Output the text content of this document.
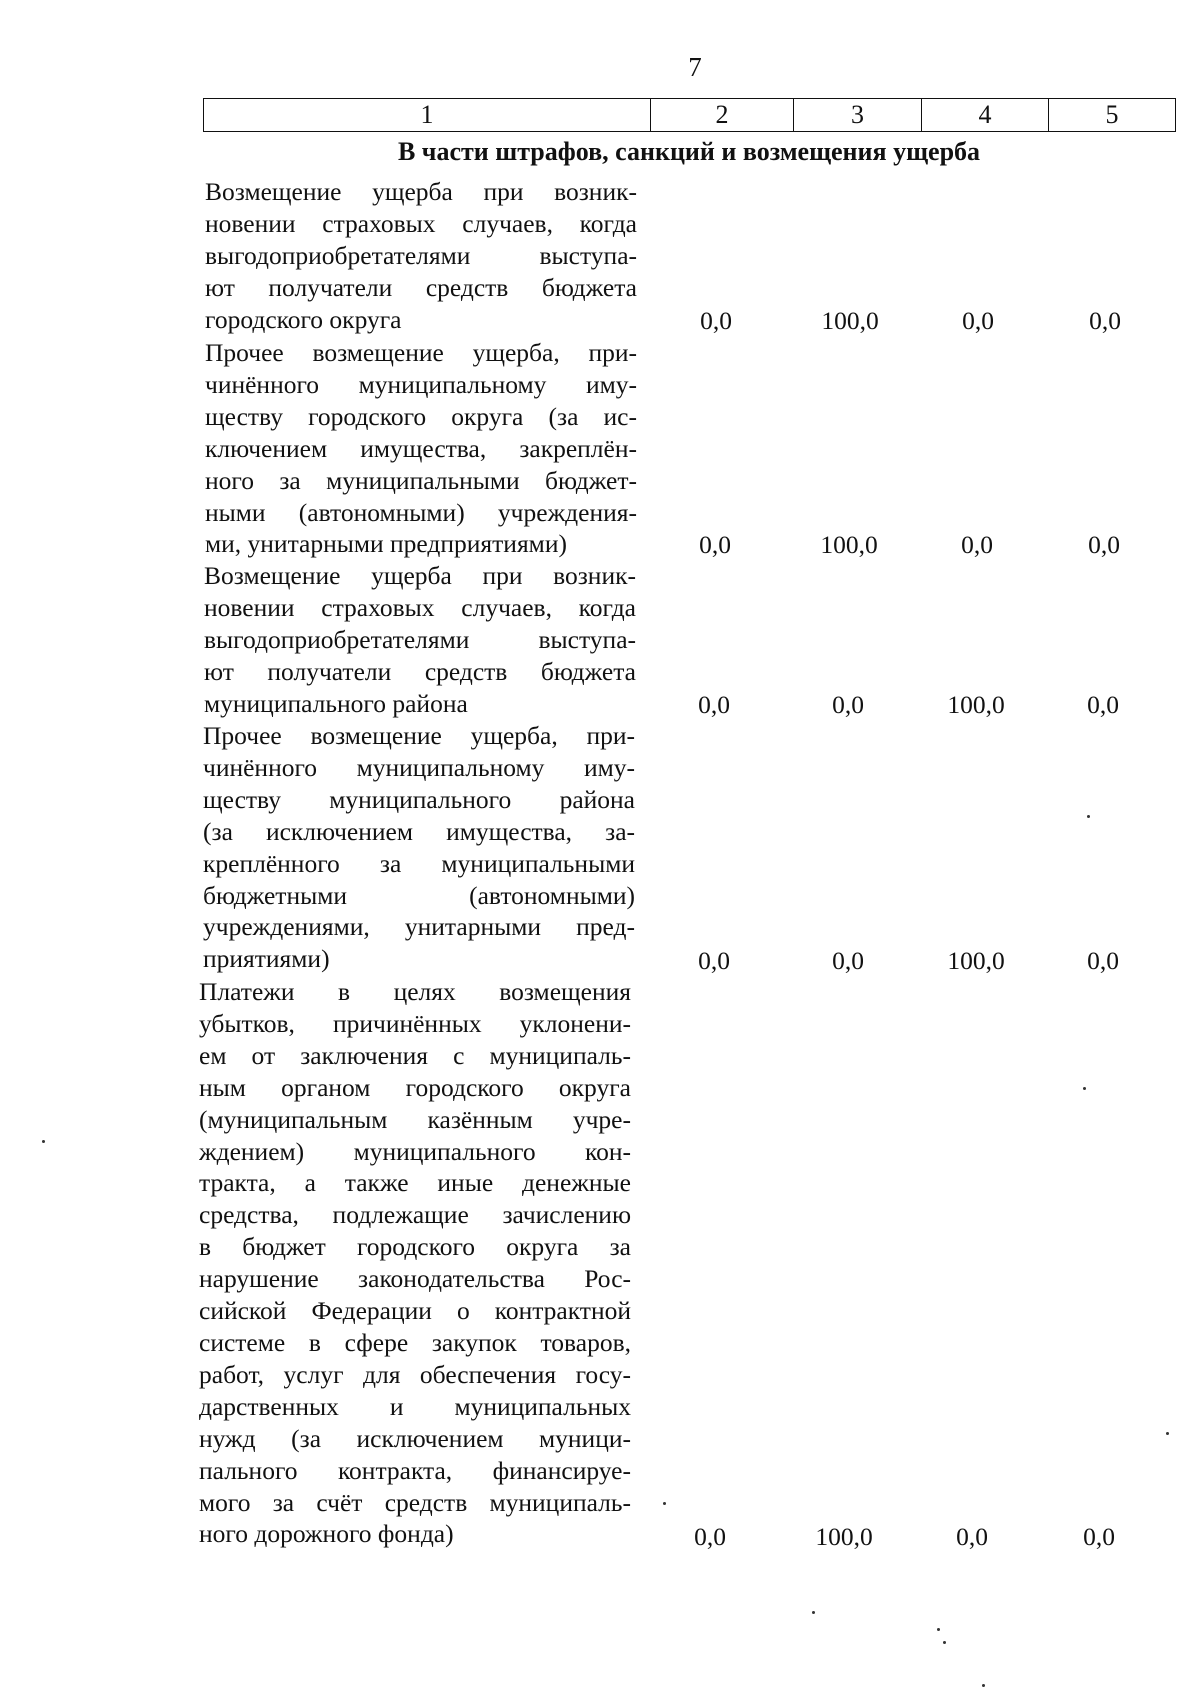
7
1	2	3	4	5
В части штрафов, санкций и возмещения ущерба
Возмещение ущерба при возник-
новении страховых случаев, когда
выгодоприобретателями выступа-
ют получатели средств бюджета
городского округа	0,0	100,0	0,0	0,0
Прочее возмещение ущерба, при-
чинённого муниципальному иму-
ществу городского округа (за ис-
ключением имущества, закреплён-
ного за муниципальными бюджет-
ными (автономными) учреждения-
ми, унитарными предприятиями)	0,0	100,0	0,0	0,0
Возмещение ущерба при возник-
новении страховых случаев, когда
выгодоприобретателями выступа-
ют получатели средств бюджета
муниципального района	0,0	0,0	100,0	0,0
Прочее возмещение ущерба, при-
чинённого муниципальному иму-
ществу муниципального района
(за исключением имущества, за-
креплённого за муниципальными
бюджетными (автономными)
учреждениями, унитарными пред-
приятиями)	0,0	0,0	100,0	0,0
Платежи в целях возмещения
убытков, причинённых уклонени-
ем от заключения с муниципаль-
ным органом городского округа
(муниципальным казённым учре-
ждением) муниципального кон-
тракта, а также иные денежные
средства, подлежащие зачислению
в бюджет городского округа за
нарушение законодательства Рос-
сийской Федерации о контрактной
системе в сфере закупок товаров,
работ, услуг для обеспечения госу-
дарственных и муниципальных
нужд (за исключением муници-
пального контракта, финансируе-
мого за счёт средств муниципаль-
ного дорожного фонда)	0,0	100,0	0,0	0,0
